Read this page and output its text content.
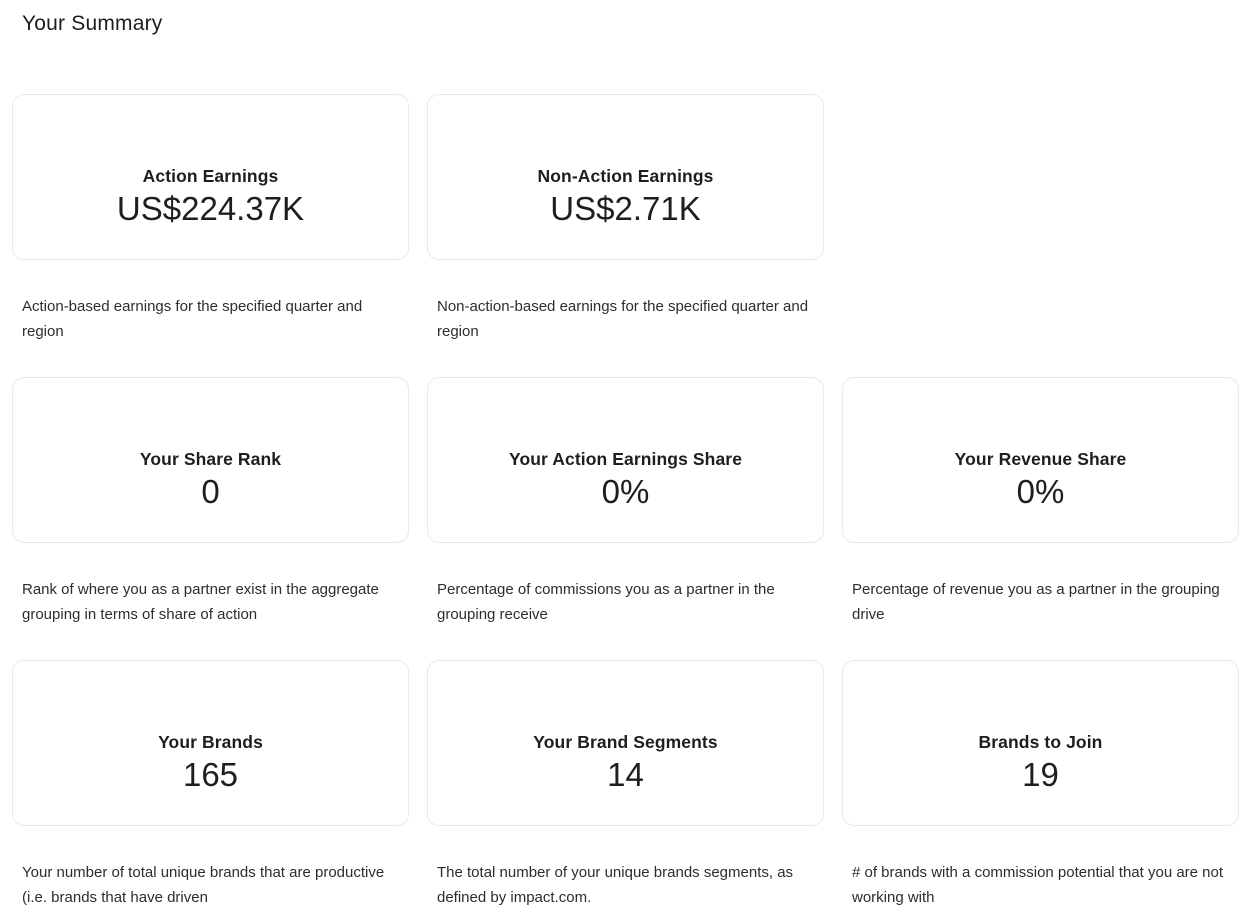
Your Summary
Action Earnings
US$224.37K

Action-based earnings for the specified quarter and region

Non-Action Earnings
US$2.71K

Non-action-based earnings for the specified quarter and region

Your Share Rank
0

Rank of where you as a partner exist in the aggregate grouping in terms of share of action

Your Action Earnings Share
0%

Percentage of commissions you as a partner in the grouping receive

Your Revenue Share
0%

Percentage of revenue you as a partner in the grouping drive

Your Brands
165

Your number of total unique brands that are productive (i.e. brands that have driven

Your Brand Segments
14

The total number of your unique brands segments, as defined by impact.com.

Brands to Join
19

# of brands with a commission potential that you are not working with
